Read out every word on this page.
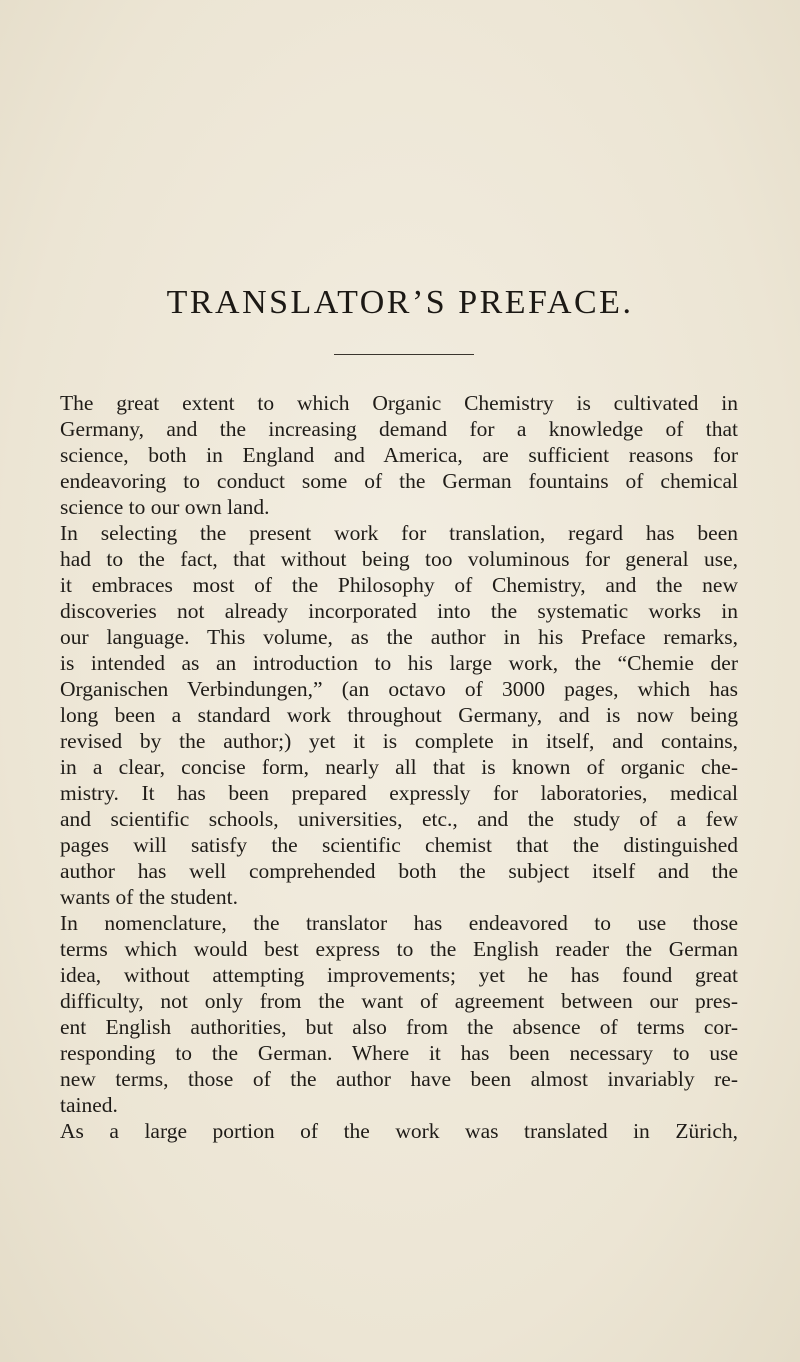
TRANSLATOR’S PREFACE.
The great extent to which Organic Chemistry is cultivated in
Germany, and the increasing demand for a knowledge of that
science, both in England and America, are sufficient reasons for
endeavoring to conduct some of the German fountains of chemical
science to our own land.
In selecting the present work for translation, regard has been
had to the fact, that without being too voluminous for general use,
it embraces most of the Philosophy of Chemistry, and the new
discoveries not already incorporated into the systematic works in
our language. This volume, as the author in his Preface remarks,
is intended as an introduction to his large work, the “Chemie der
Organischen Verbindungen,” (an octavo of 3000 pages, which has
long been a standard work throughout Germany, and is now being
revised by the author;) yet it is complete in itself, and contains,
in a clear, concise form, nearly all that is known of organic che-
mistry. It has been prepared expressly for laboratories, medical
and scientific schools, universities, etc., and the study of a few
pages will satisfy the scientific chemist that the distinguished
author has well comprehended both the subject itself and the
wants of the student.
In nomenclature, the translator has endeavored to use those
terms which would best express to the English reader the German
idea, without attempting improvements; yet he has found great
difficulty, not only from the want of agreement between our pres-
ent English authorities, but also from the absence of terms cor-
responding to the German. Where it has been necessary to use
new terms, those of the author have been almost invariably re-
tained.
As a large portion of the work was translated in Zürich,
